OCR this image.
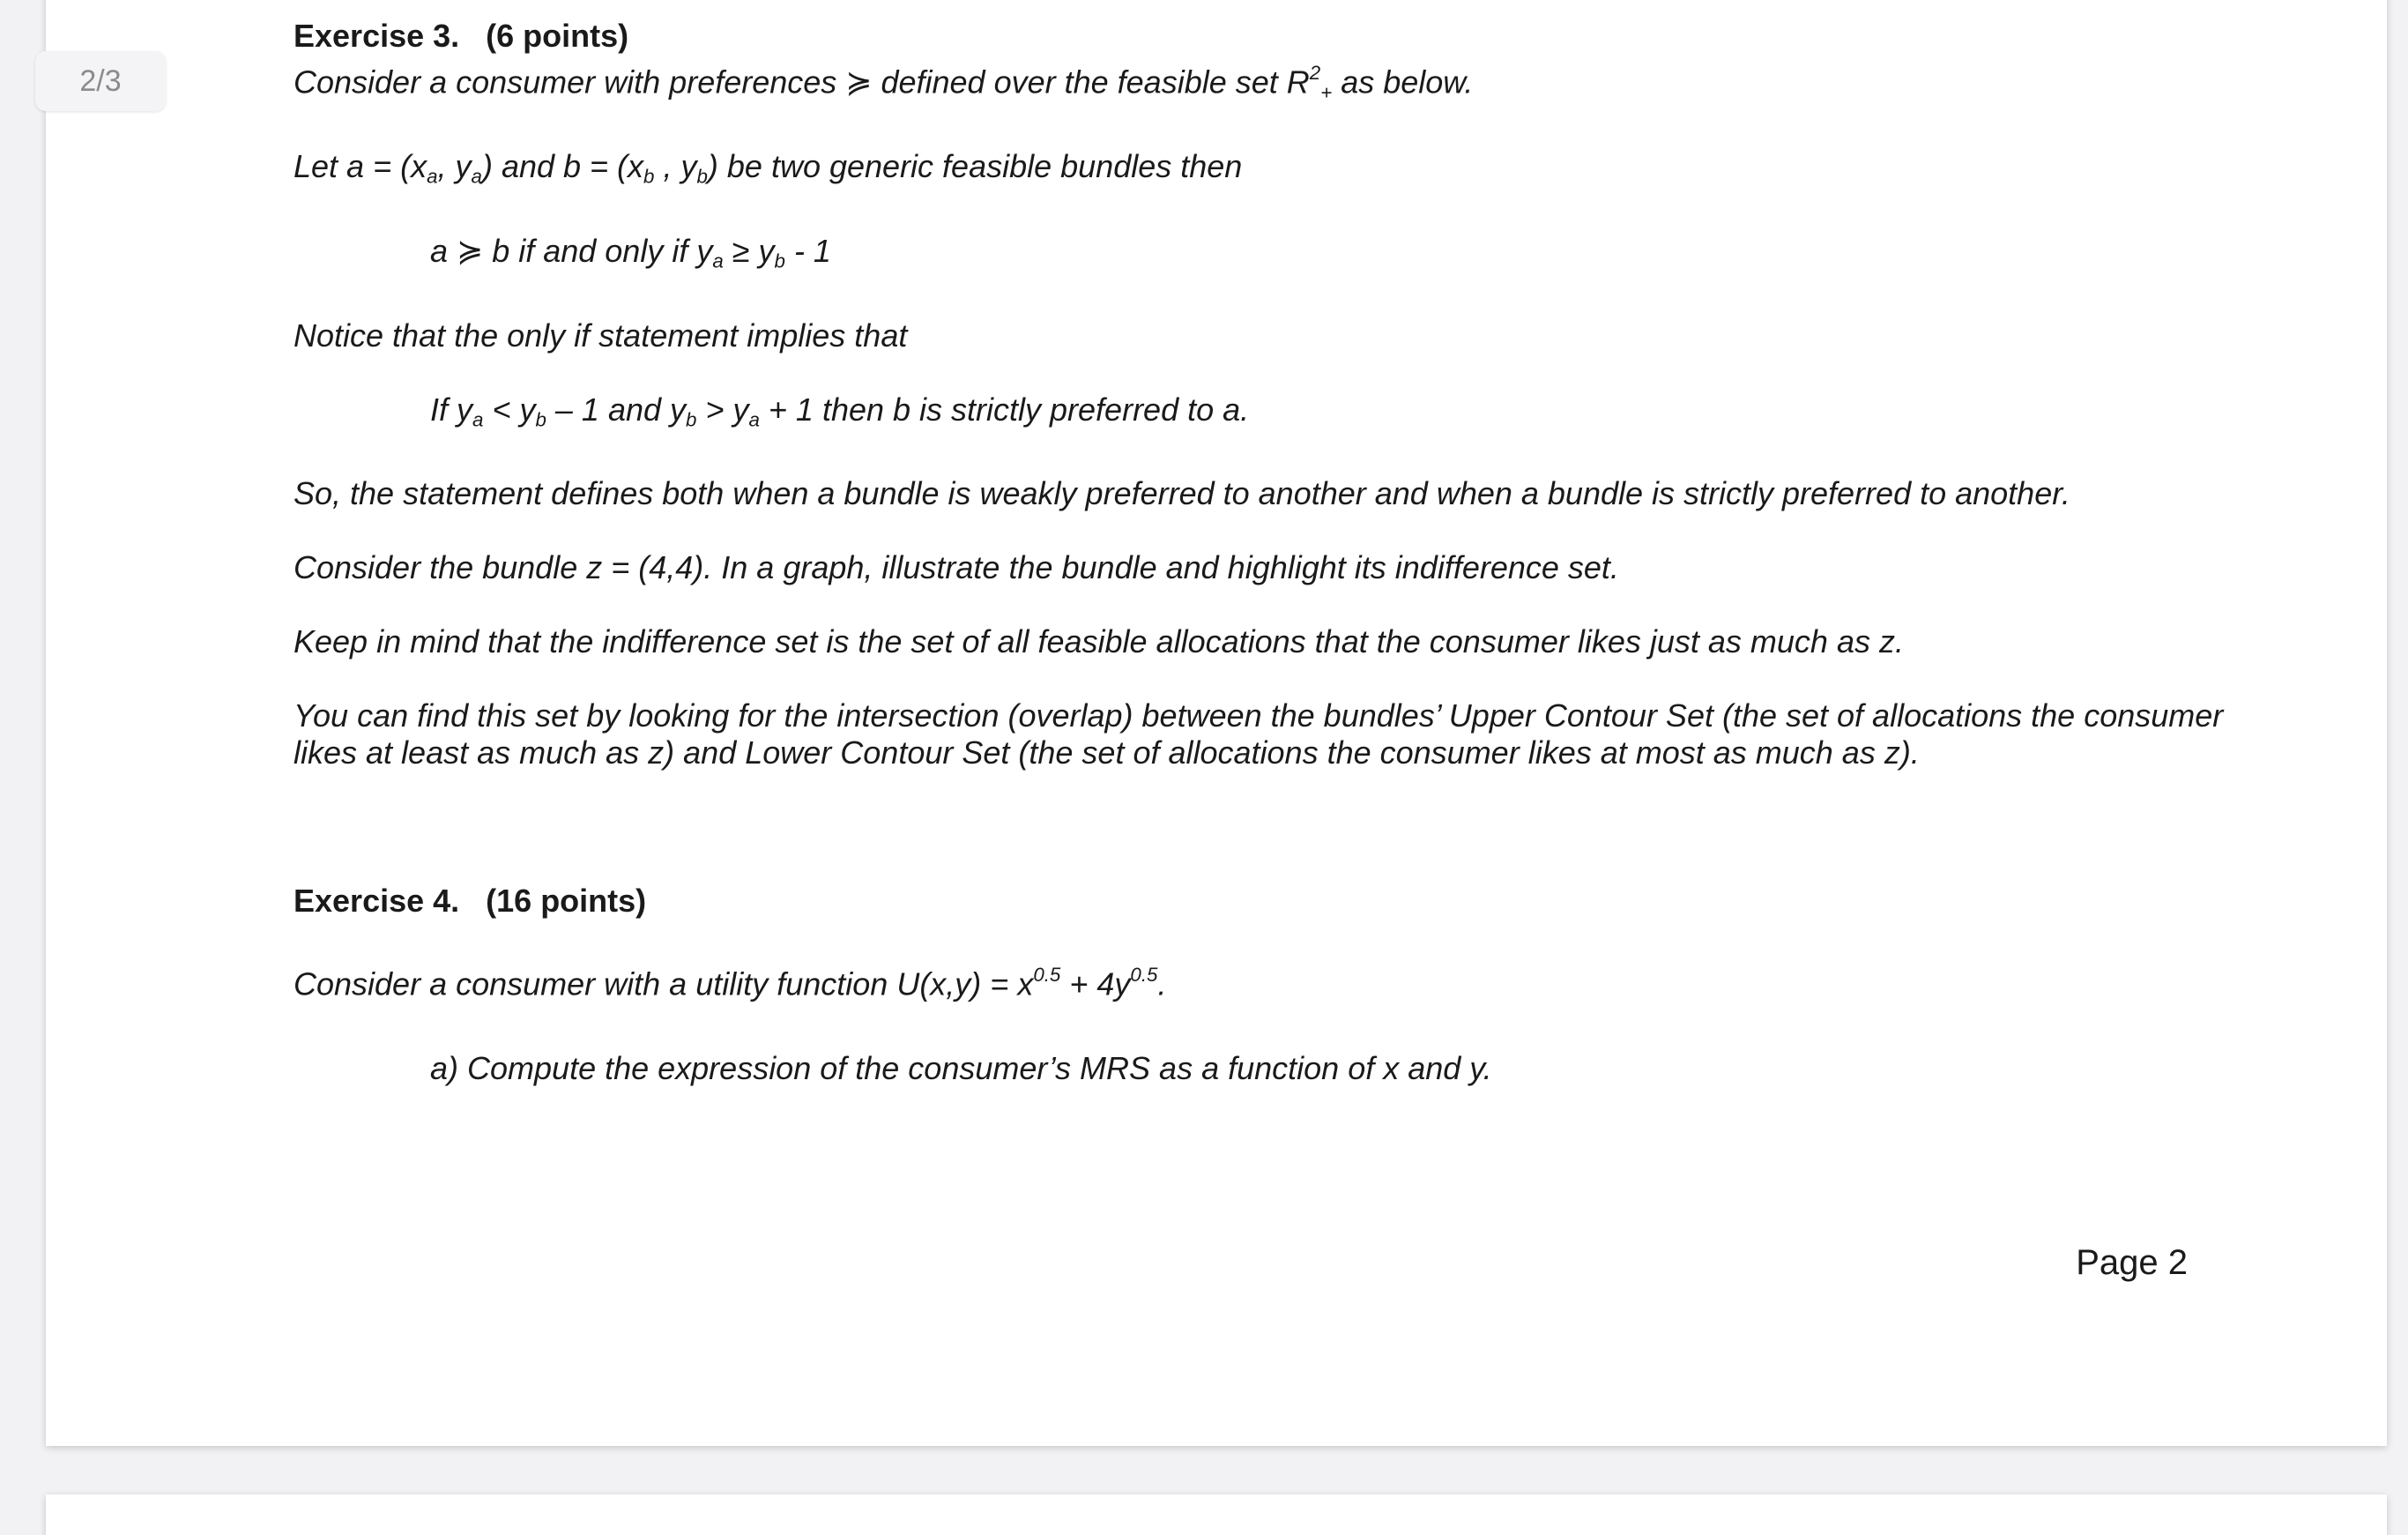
2/3
Exercise 3.   (6 points)

Consider a consumer with preferences ≽ defined over the feasible set $R^2_+$ as below.

Let $a = (x_a$, $y_a$) and $b = (x_b$ , $y_b$) be two generic feasible bundles then

a ≽ b if and only if $y_a \ge y_b - 1$

Notice that the only if statement implies that

If $y_a < y_b - 1$ and $y_b > y_a + 1$ then b is strictly preferred to a.

So, the statement defines both when a bundle is weakly preferred to another and when a bundle is strictly preferred to another.

Consider the bundle z = (4,4). In a graph, illustrate the bundle and highlight its indifference set.

Keep in mind that the indifference set is the set of all feasible allocations that the consumer likes just as much as z.

You can find this set by looking for the intersection (overlap) between the bundles’ Upper Contour Set (the set of allocations the consumer likes at least as much as z) and Lower Contour Set (the set of allocations the consumer likes at most as much as z).

Exercise 4.   (16 points)

Consider a consumer with a utility function $U(x,y) = x^{0.5} + 4y^{0.5}$.

a) Compute the expression of the consumer’s MRS as a function of x and y.

Page 2
